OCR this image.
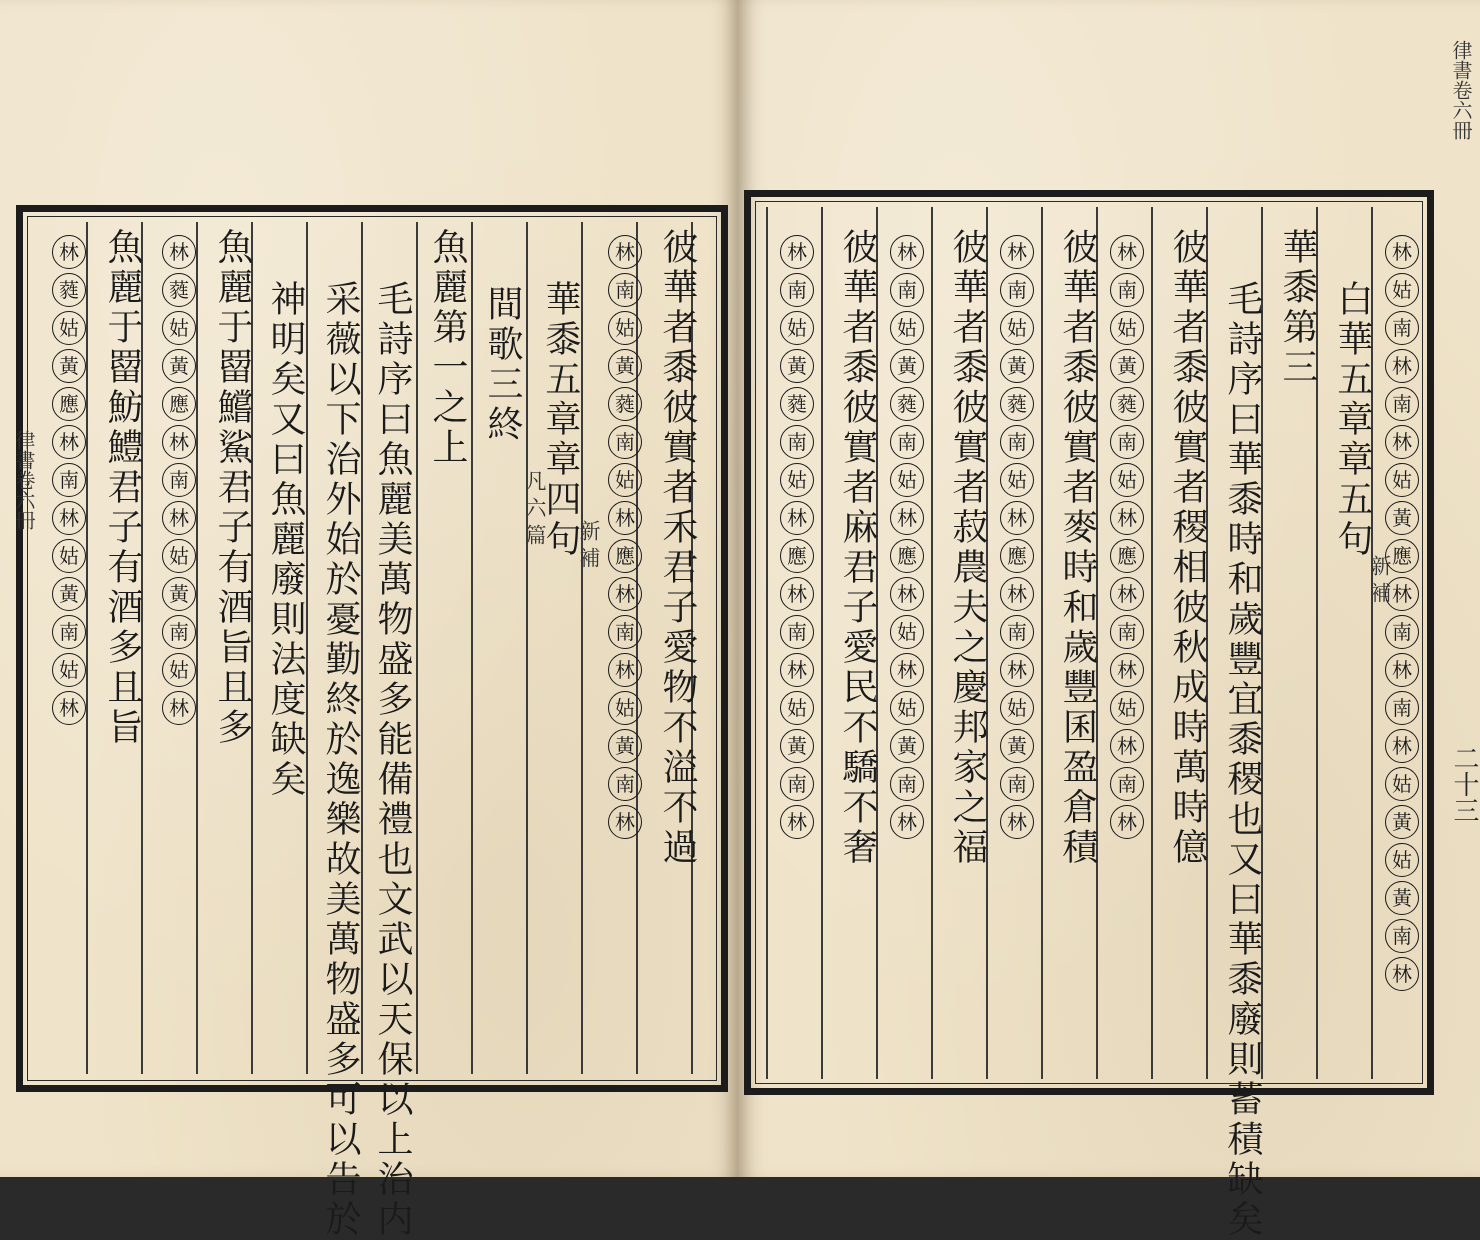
彼華者黍彼實者禾君子愛物不溢不過
華黍五章章四句
新補
間歌三終
凡六篇
魚麗第一之上
毛詩序曰魚麗美萬物盛多能備禮也文武以天保以上治内
采薇以下治外始於憂勤終於逸樂故美萬物盛多可以告於
神明矣又曰魚麗廢則法度缺矣
魚麗于罶鱨鯊君子有酒旨且多
魚麗于罶魴鱧君子有酒多且旨	白華五章章五句
新補
華黍第三
毛詩序曰華黍時和歲豐宜黍稷也又曰華黍廢則蓄積缺矣
彼華者黍彼實者稷相彼秋成時萬時億
彼華者黍彼實者麥時和歲豐囷盈倉積
彼華者黍彼實者菽農夫之慶邦家之福
彼華者黍彼實者麻君子愛民不驕不奢
林
南
姑
黃
蕤
南
姑
林
應
林
南
林
姑
黃
南
林
林
蕤
姑
黃
應
林
南
林
姑
黃
南
姑
林
林
蕤
姑
黃
應
林
南
林
姑
黃
南
姑
林
林
姑
南
林
南
林
姑
黃
應
林
南
林
南
林
姑
黃
姑
黃
南
林
林
南
姑
黃
蕤
南
姑
林
應
林
南
林
姑
林
南
林
林
南
姑
黃
蕤
南
姑
林
應
林
南
林
姑
黃
南
林
林
南
姑
黃
蕤
南
姑
林
應
林
姑
林
姑
黃
南
林
林
南
姑
黃
蕤
南
姑
林
應
林
南
林
姑
黃
南
林
律書卷六冊
律書卷六冊
二十三
